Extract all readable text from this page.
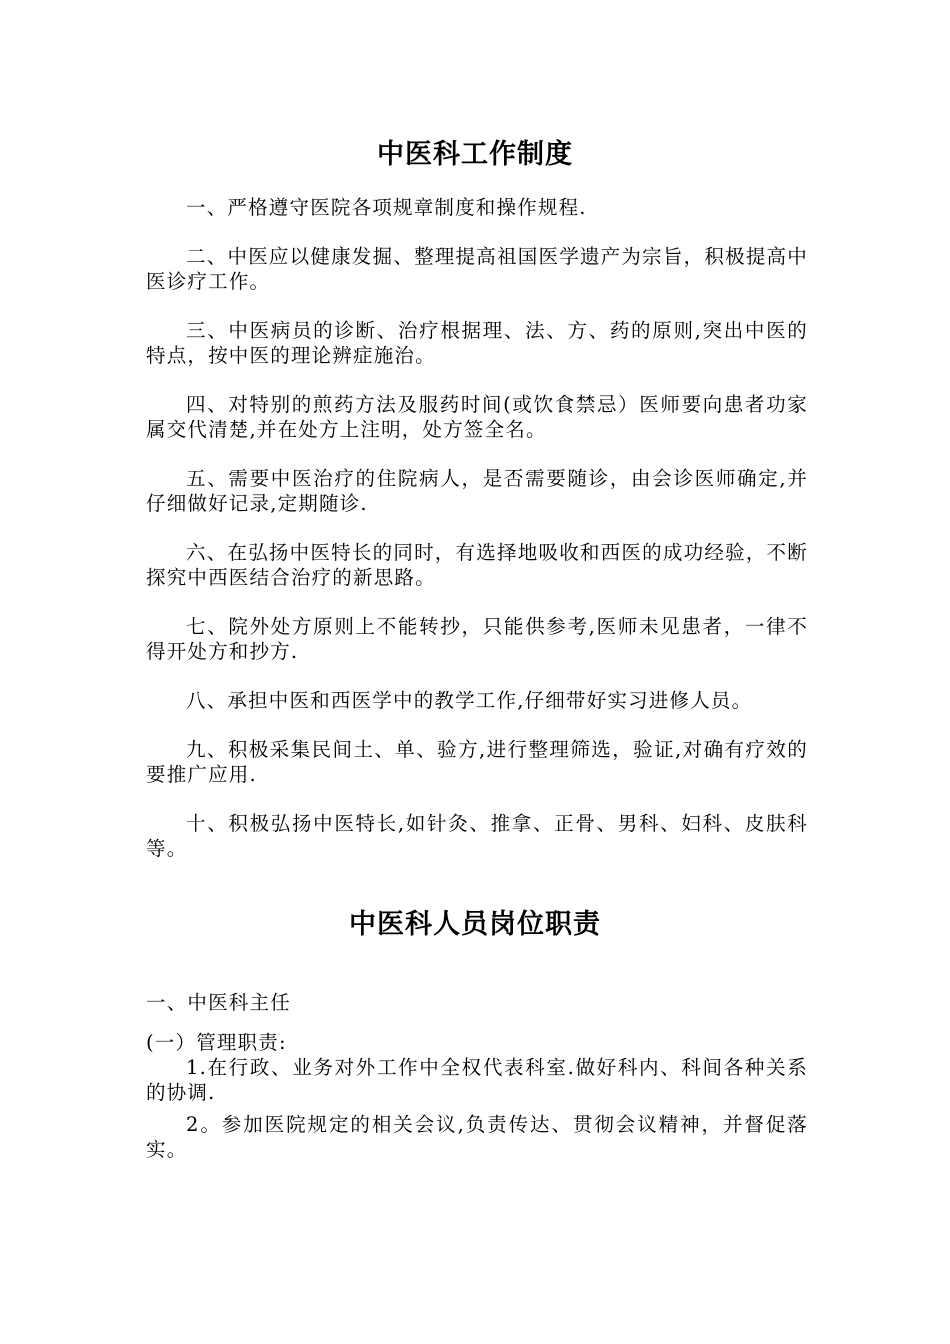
中医科工作制度
一、严格遵守医院各项规章制度和操作规程.
二、中医应以健康发掘、整理提高祖国医学遗产为宗旨，积极提高中医诊疗工作。
三、中医病员的诊断、治疗根据理、法、方、药的原则,突出中医的特点，按中医的理论辨症施治。
四、对特别的煎药方法及服药时间(或饮食禁忌）医师要向患者功家属交代清楚,并在处方上注明，处方签全名。
五、需要中医治疗的住院病人，是否需要随诊，由会诊医师确定,并仔细做好记录,定期随诊.
六、在弘扬中医特长的同时，有选择地吸收和西医的成功经验，不断探究中西医结合治疗的新思路。
七、院外处方原则上不能转抄，只能供参考,医师未见患者，一律不得开处方和抄方.
八、承担中医和西医学中的教学工作,仔细带好实习进修人员。
九、积极采集民间土、单、验方,进行整理筛选，验证,对确有疗效的要推广应用.
十、积极弘扬中医特长,如针灸、推拿、正骨、男科、妇科、皮肤科等。
中医科人员岗位职责

一、中医科主任

(一）管理职责:

1.在行政、业务对外工作中全权代表科室.做好科内、科间各种关系的协调.

2。参加医院规定的相关会议,负责传达、贯彻会议精神，并督促落实。
